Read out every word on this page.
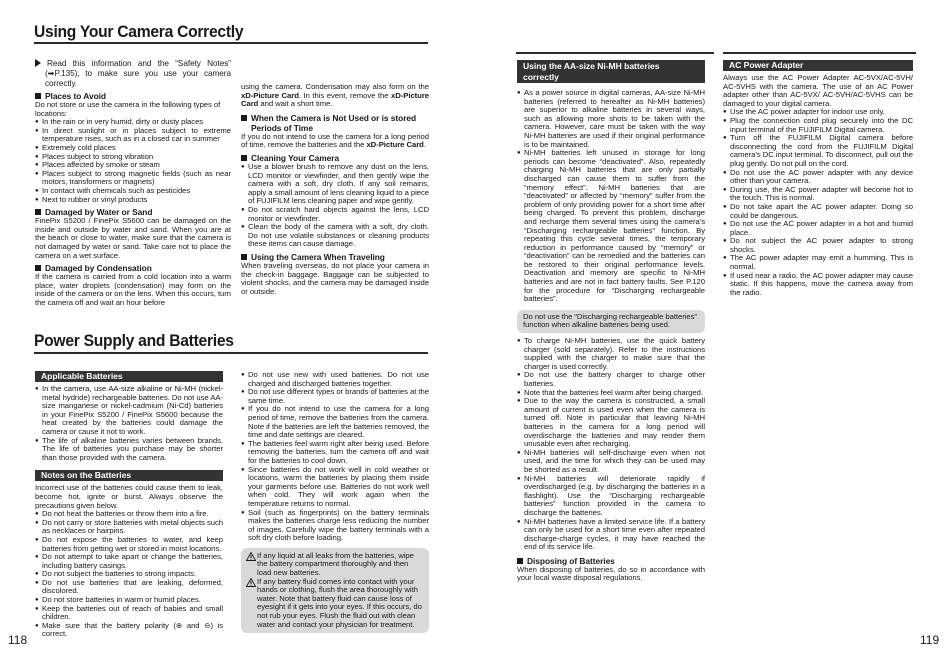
Using Your Camera Correctly

Read this information and the “Safety Notes” (➡P.135), to make sure you use your camera correctly.

Places to Avoid

Do not store or use the camera in the following types of locations:

● In the rain or in very humid, dirty or dusty places
● In direct sunlight or in places subject to extreme temperature rises, such as in a closed car in summer
● Extremely cold places
● Places subject to strong vibration
● Places affected by smoke or steam
● Places subject to strong magnetic fields (such as near motors, transformers or magnets)
● In contact with chemicals such as pesticides
● Next to rubber or vinyl products
Damaged by Water or Sand

FinePix S5200 / FinePix S5600 can be damaged on the inside and outside by water and sand. When you are at the beach or close to water, make sure that the camera is not damaged by water or sand. Take care not to place the camera on a wet surface.

Damaged by Condensation

If the camera is carried from a cold location into a warm place, water droplets (condensation) may form on the inside of the camera or on the lens. When this occurs, turn the camera off and wait an hour before

using the camera. Condensation may also form on the xD-Picture Card. In this event, remove the xD-Picture Card and wait a short time.

When the Camera is Not Used or is stored Periods of Time

If you do not intend to use the camera for a long period of time, remove the batteries and the xD-Picture Card.

Cleaning Your Camera
● Use a blower brush to remove any dust on the lens, LCD monitor or viewfinder, and then gently wipe the camera with a soft, dry cloth. If any soil remains, apply a small amount of lens cleaning liquid to a piece of FUJIFILM lens cleaning paper and wipe gently.
● Do not scratch hard objects against the lens, LCD monitor or viewfinder.
● Clean the body of the camera with a soft, dry cloth. Do not use volatile substances or cleaning products these items can cause damage.
Using the Camera When Traveling

When traveling overseas, do not place your camera in the check-in baggage. Baggage can be subjected to violent shocks, and the camera may be damaged inside or outside.

Power Supply and Batteries
Applicable Batteries
● In the camera, use AA-size alkaline or Ni-MH (nickel-metal hydride) rechargeable batteries. Do not use AA-size manganese or nickel-cadmium (Ni-Cd) batteries in your FinePix S5200 / FinePix S5600 because the heat created by the batteries could damage the camera or cause it not to work.
● The life of alkaline batteries varies between brands. The life of batteries you purchase may be shorter than those provided with the camera.
Notes on the Batteries

Incorrect use of the batteries could cause them to leak, become hot, ignite or burst. Always observe the precautions given below.

● Do not heat the batteries or throw them into a fire.
● Do not carry or store batteries with metal objects such as necklaces or hairpins.
● Do not expose the batteries to water, and keep batteries from getting wet or stored in moist locations.
● Do not attempt to take apart or change the batteries, including battery casings.
● Do not subject the batteries to strong impacts.
● Do not use batteries that are leaking, deformed, discolored.
● Do not store batteries in warm or humid places.
● Keep the batteries out of reach of babies and small children.
● Make sure that the battery polarity (⊕ and ⊖) is correct.
● Do not use new with used batteries. Do not use charged and discharged batteries together.
● Do not use different types or brands of batteries at the same time.
● If you do not intend to use the camera for a long period of time, remove the batteries from the camera. Note if the batteries are left the batteries removed, the time and date settings are cleared.
● The batteries feel warm right after being used. Before removing the batteries, turn the camera off and wait for the batteries to cool down.
● Since batteries do not work well in cold weather or locations, warm the batteries by placing them inside your garments before use. Batteries do not work well when cold. They will work again when the temperature returns to normal.
● Soil (such as fingerprints) on the battery terminals makes the batteries charge less reducing the number of images. Carefully wipe the battery terminals with a soft dry cloth before loading.
If any liquid at all leaks from the batteries, wipe the battery compartment thoroughly and then load new batteries.
If any battery fluid comes into contact with your hands or clothing, flush the area thoroughly with water. Note that battery fluid can cause loss of eyesight if it gets into your eyes. If this occurs, do not rub your eyes. Flush the fluid out with clean water and contact your physician for treatment.
118
Using the AA-size Ni-MH batteries
correctly
● As a power source in digital cameras, AA-size Ni-MH batteries (referred to hereafter as Ni-MH batteries) are superior to alkaline batteries in several ways, such as allowing more shots to be taken with the camera. However, care must be taken with the way Ni-MH batteries are used if their original performance is to be maintained.
● Ni-MH batteries left unused in storage for long periods can become “deactivated”. Also, repeatedly charging Ni-MH batteries that are only partially discharged can cause them to suffer from the “memory effect”. Ni-MH batteries that are “deactivated” or affected by “memory” suffer from the problem of only providing power for a short time after being charged. To prevent this problem, discharge and recharge them several times using the camera’s “Discharging rechargeable batteries” function. By repeating this cycle several times, the temporary reduction in performance caused by “memory” or “deactivation” can be remedied and the batteries can be restored to their original performance levels. Deactivation and memory are specific to Ni-MH batteries and are not in fact battery faults. See P.120 for the procedure for “Discharging rechargeable batteries”.
Do not use the “Discharging rechargeable batteries” function when alkaline batteries being used.
● To charge Ni-MH batteries, use the quick battery charger (sold separately). Refer to the instructions supplied with the charger to make sure that the charger is used correctly.
● Do not use the battery charger to charge other batteries.
● Note that the batteries feel warm after being charged.
● Due to the way the camera is constructed, a small amount of current is used even when the camera is turned off. Note in particular that leaving Ni-MH batteries in the camera for a long period will overdischarge the batteries and may render them unusable even after recharging.
● Ni-MH batteries will self-discharge even when not used, and the time for which they can be used may be shorted as a result.
● Ni-MH batteries will deteriorate rapidly if overdischarged (e.g. by discharging the batteries in a flashlight). Use the “Discharging rechargeable batteries” function provided in the camera to discharge the batteries.
● Ni-MH batteries have a limited service life. If a battery can only be used for a short time even after repeated discharge-charge cycles, it may have reached the end of its service life.
Disposing of Batteries

When disposing of batteries, do so in accordance with your local waste disposal regulations.

AC Power Adapter

Always use the AC Power Adapter AC-5VX/AC-5VH/ AC-5VHS with the camera. The use of an AC Power adapter other than AC-5VX/ AC-5VH/AC-5VHS can be damaged to your digital camera.

● Use the AC power adapter for indoor use only.
● Plug the connection cord plug securely into the DC input terminal of the FUJIFILM Digital camera.
● Turn off the FUJIFILM Digital camera before disconnecting the cord from the FUJIFILM Digital camera’s DC input terminal. To disconnect, pull out the plug gently. Do not pull on the cord.
● Do not use the AC power adapter with any device other than your camera.
● During use, the AC power adapter will become hot to the touch. This is normal.
● Do not take apart the AC power adapter. Doing so could be dangerous.
● Do not use the AC power adapter in a hot and humid place.
● Do not subject the AC power adapter to strong shocks.
● The AC power adapter may emit a humming. This is normal.
● If used near a radio, the AC power adapter may cause static. If this happens, move the camera away from the radio.
119
